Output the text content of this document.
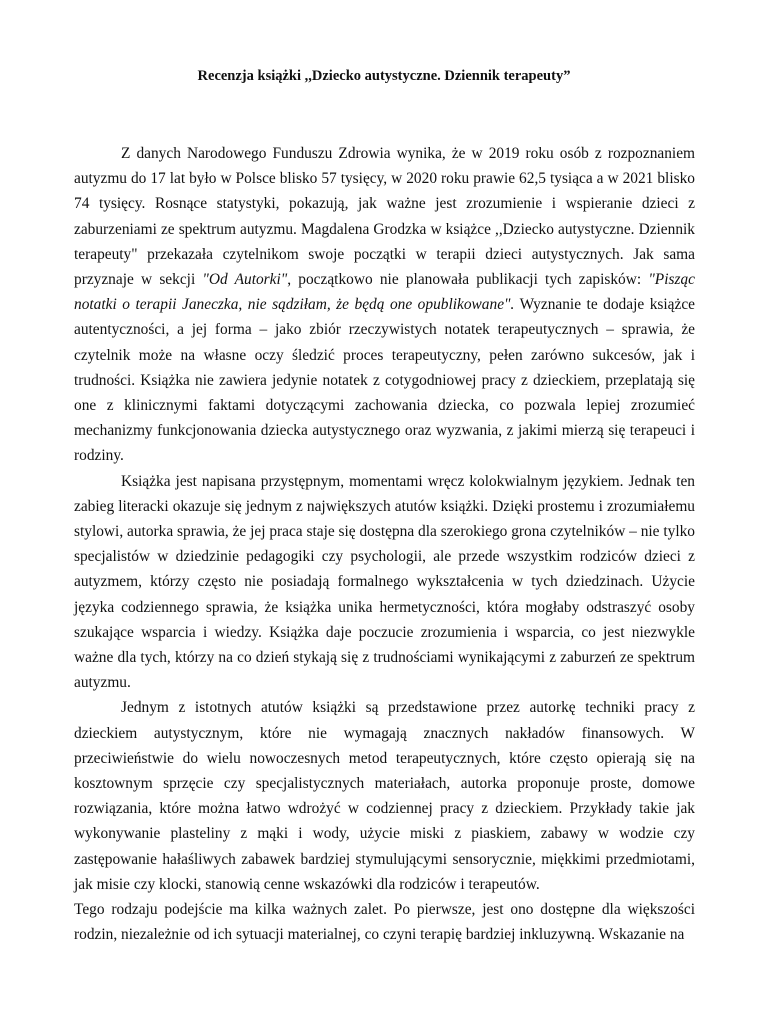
Recenzja książki ,,Dziecko autystyczne. Dziennik terapeuty”

Z danych Narodowego Funduszu Zdrowia wynika, że w 2019 roku osób z rozpoznaniem autyzmu do 17 lat było w Polsce blisko 57 tysięcy, w 2020 roku prawie 62,5 tysiąca a w 2021 blisko 74 tysięcy. Rosnące statystyki, pokazują, jak ważne jest zrozumienie i wspieranie dzieci z zaburzeniami ze spektrum autyzmu. Magdalena Grodzka w książce ,,Dziecko autystyczne. Dziennik terapeuty" przekazała czytelnikom swoje początki w terapii dzieci autystycznych. Jak sama przyznaje w sekcji "Od Autorki", początkowo nie planowała publikacji tych zapisków: "Pisząc notatki o terapii Janeczka, nie sądziłam, że będą one opublikowane". Wyznanie te dodaje książce autentyczności, a jej forma – jako zbiór rzeczywistych notatek terapeutycznych – sprawia, że czytelnik może na własne oczy śledzić proces terapeutyczny, pełen zarówno sukcesów, jak i trudności. Książka nie zawiera jedynie notatek z cotygodniowej pracy z dzieckiem, przeplatają się one z klinicznymi faktami dotyczącymi zachowania dziecka, co pozwala lepiej zrozumieć mechanizmy funkcjonowania dziecka autystycznego oraz wyzwania, z jakimi mierzą się terapeuci i rodziny.

Książka jest napisana przystępnym, momentami wręcz kolokwialnym językiem. Jednak ten zabieg literacki okazuje się jednym z największych atutów książki. Dzięki prostemu i zrozumiałemu stylowi, autorka sprawia, że jej praca staje się dostępna dla szerokiego grona czytelników – nie tylko specjalistów w dziedzinie pedagogiki czy psychologii, ale przede wszystkim rodziców dzieci z autyzmem, którzy często nie posiadają formalnego wykształcenia w tych dziedzinach. Użycie języka codziennego sprawia, że książka unika hermetyczności, która mogłaby odstraszyć osoby szukające wsparcia i wiedzy. Książka daje poczucie zrozumienia i wsparcia, co jest niezwykle ważne dla tych, którzy na co dzień stykają się z trudnościami wynikającymi z zaburzeń ze spektrum autyzmu.

Jednym z istotnych atutów książki są przedstawione przez autorkę techniki pracy z dzieckiem autystycznym, które nie wymagają znacznych nakładów finansowych. W przeciwieństwie do wielu nowoczesnych metod terapeutycznych, które często opierają się na kosztownym sprzęcie czy specjalistycznych materiałach, autorka proponuje proste, domowe rozwiązania, które można łatwo wdrożyć w codziennej pracy z dzieckiem. Przykłady takie jak wykonywanie plasteliny z mąki i wody, użycie miski z piaskiem, zabawy w wodzie czy zastępowanie hałaśliwych zabawek bardziej stymulującymi sensorycznie, miękkimi przedmiotami, jak misie czy klocki, stanowią cenne wskazówki dla rodziców i terapeutów.

Tego rodzaju podejście ma kilka ważnych zalet. Po pierwsze, jest ono dostępne dla większości rodzin, niezależnie od ich sytuacji materialnej, co czyni terapię bardziej inkluzywną. Wskazanie na
